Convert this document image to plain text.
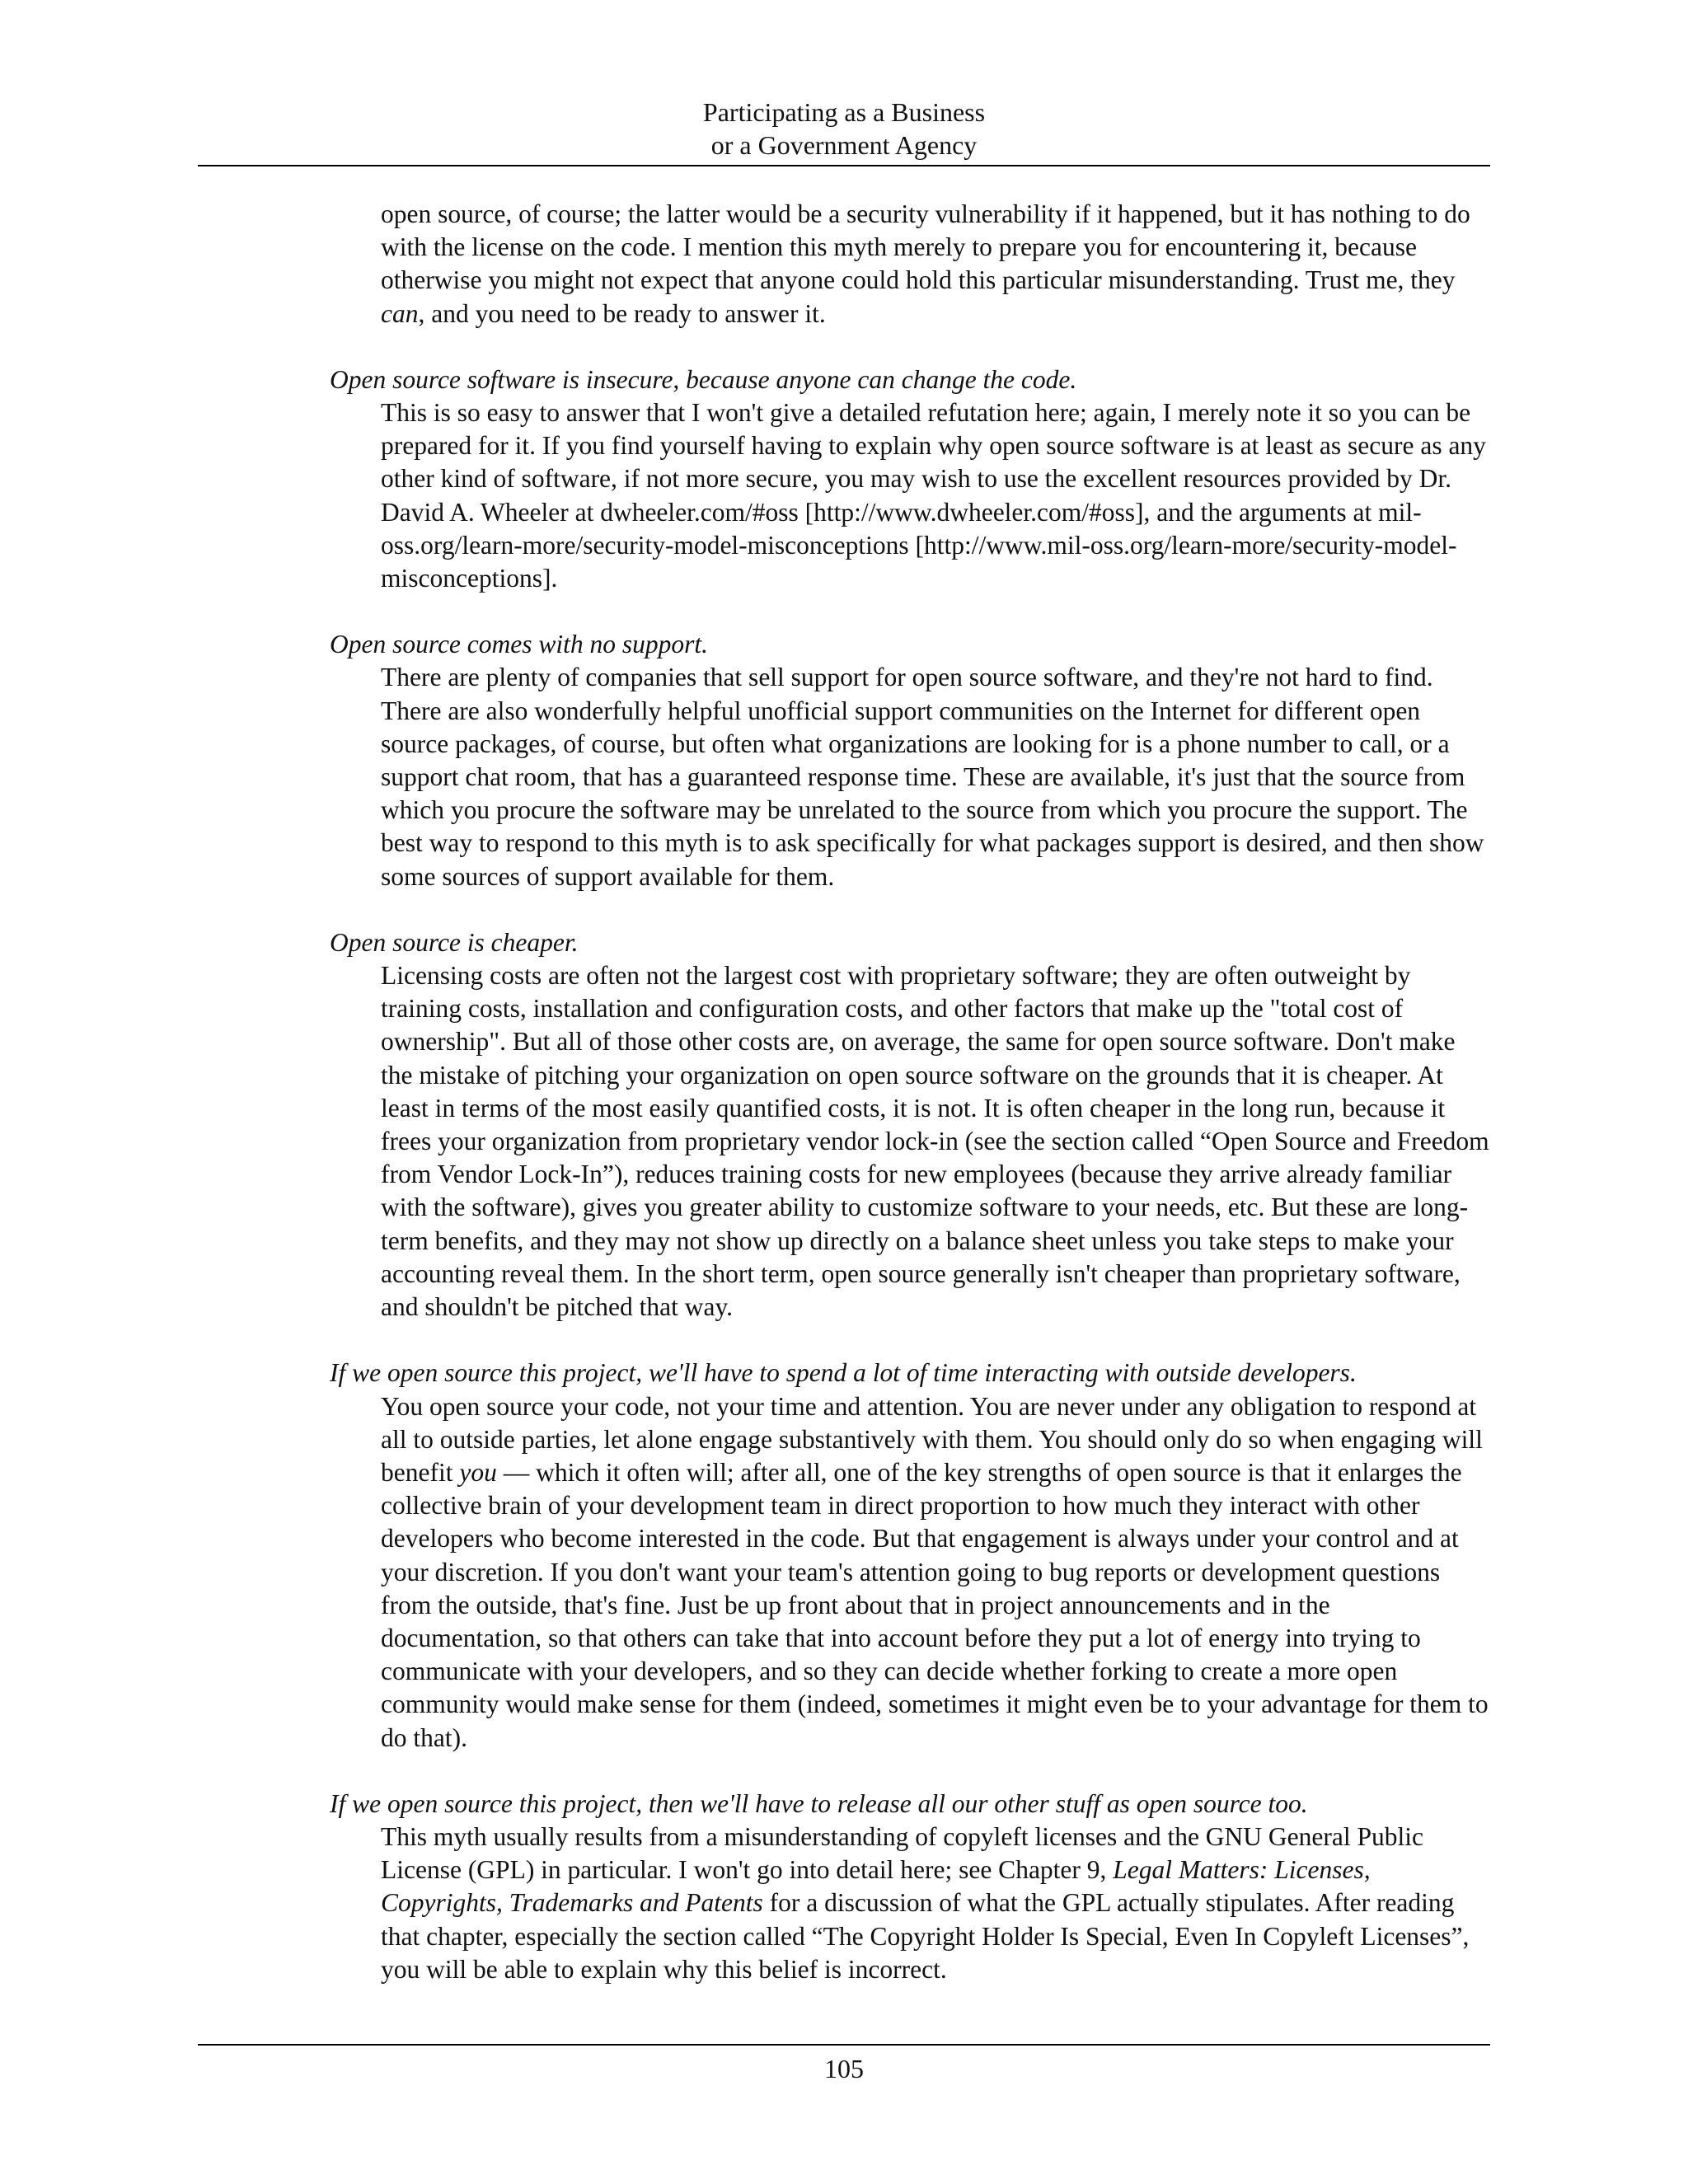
Participating as a Business
or a Government Agency

open source, of course; the latter would be a security vulnerability if it happened, but it has nothing to do with the license on the code. I mention this myth merely to prepare you for encountering it, because otherwise you might not expect that anyone could hold this particular misunderstanding. Trust me, they can, and you need to be ready to answer it.

Open source software is insecure, because anyone can change the code.

This is so easy to answer that I won't give a detailed refutation here; again, I merely note it so you can be prepared for it. If you find yourself having to explain why open source software is at least as secure as any other kind of software, if not more secure, you may wish to use the excellent resources provided by Dr. David A. Wheeler at dwheeler.com/#oss [http://www.dwheeler.com/#oss], and the arguments at mil-oss.org/learn-more/security-model-misconceptions [http://www.mil-oss.org/learn-more/security-model-misconceptions].

Open source comes with no support.

There are plenty of companies that sell support for open source software, and they're not hard to find. There are also wonderfully helpful unofficial support communities on the Internet for different open source packages, of course, but often what organizations are looking for is a phone number to call, or a support chat room, that has a guaranteed response time. These are available, it's just that the source from which you procure the software may be unrelated to the source from which you procure the support. The best way to respond to this myth is to ask specifically for what packages support is desired, and then show some sources of support available for them.

Open source is cheaper.

Licensing costs are often not the largest cost with proprietary software; they are often outweight by training costs, installation and configuration costs, and other factors that make up the "total cost of ownership". But all of those other costs are, on average, the same for open source software. Don't make the mistake of pitching your organization on open source software on the grounds that it is cheaper. At least in terms of the most easily quantified costs, it is not. It is often cheaper in the long run, because it frees your organization from proprietary vendor lock-in (see the section called “Open Source and Freedom from Vendor Lock-In”), reduces training costs for new employees (because they arrive already familiar with the software), gives you greater ability to customize software to your needs, etc. But these are long-term benefits, and they may not show up directly on a balance sheet unless you take steps to make your accounting reveal them. In the short term, open source generally isn't cheaper than proprietary software, and shouldn't be pitched that way.

If we open source this project, we'll have to spend a lot of time interacting with outside developers.

You open source your code, not your time and attention. You are never under any obligation to respond at all to outside parties, let alone engage substantively with them. You should only do so when engaging will benefit you — which it often will; after all, one of the key strengths of open source is that it enlarges the collective brain of your development team in direct proportion to how much they interact with other developers who become interested in the code. But that engagement is always under your control and at your discretion. If you don't want your team's attention going to bug reports or development questions from the outside, that's fine. Just be up front about that in project announcements and in the documentation, so that others can take that into account before they put a lot of energy into trying to communicate with your developers, and so they can decide whether forking to create a more open community would make sense for them (indeed, sometimes it might even be to your advantage for them to do that).

If we open source this project, then we'll have to release all our other stuff as open source too.

This myth usually results from a misunderstanding of copyleft licenses and the GNU General Public License (GPL) in particular. I won't go into detail here; see Chapter 9, Legal Matters: Licenses, Copyrights, Trademarks and Patents for a discussion of what the GPL actually stipulates. After reading that chapter, especially the section called “The Copyright Holder Is Special, Even In Copyleft Licenses”, you will be able to explain why this belief is incorrect.

105
